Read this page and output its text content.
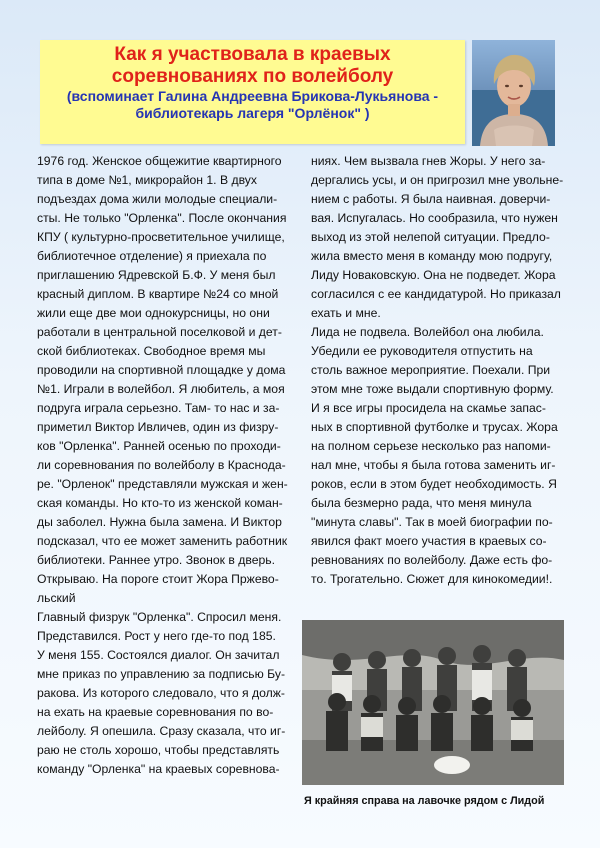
Как я участвовала в краевых
соревнованиях по волейболу
(вспоминает Галина Андреевна Брикова-Лукьянова -
библиотекарь лагеря "Орлёнок" )

1976 год. Женское общежитие квартирного

типа в доме №1, микрорайон 1. В двух

подъездах дома жили молодые специали-

сты. Не только "Орленка". После окончания

КПУ ( культурно-просветительное училище,

библиотечное отделение) я приехала по

приглашению Ядревской Б.Ф. У меня был

красный диплом. В квартире №24 со мной

жили еще две мои однокурсницы, но они

работали в центральной поселковой и дет-

ской библиотеках. Свободное время мы

проводили на спортивной площадке у дома

№1. Играли в волейбол. Я любитель, а моя

подруга играла серьезно. Там- то нас и за-

приметил Виктор Ивличев, один из физру-

ков "Орленка". Ранней осенью по проходи-

ли соревнования по волейболу в Краснода-

ре. "Орленок" представляли мужская и жен-

ская команды. Но кто-то из женской коман-

ды заболел. Нужна была замена. И Виктор

подсказал, что ее может заменить работник

библиотеки. Раннее утро. Звонок в дверь.

Открываю. На пороге стоит Жора Пржево-

льский

Главный физрук "Орленка". Спросил меня.

Представился. Рост у него где-то под 185.

У меня 155. Состоялся диалог. Он зачитал

мне приказ по управлению за подписью Бу-

ракова. Из которого следовало, что я долж-

на ехать на краевые соревнования по во-

лейболу. Я опешила. Сразу сказала, что иг-

раю не столь хорошо, чтобы представлять

команду "Орленка" на краевых соревнова-

ниях. Чем вызвала гнев Жоры. У него за-

дергались усы, и он пригрозил мне увольне-

нием с работы. Я была наивная. доверчи-

вая. Испугалась. Но сообразила, что нужен

выход из этой нелепой ситуации. Предло-

жила вместо меня в команду мою подругу,

Лиду Новаковскую. Она не подведет. Жора

согласился с ее кандидатурой. Но приказал

ехать и мне.

Лида не подвела. Волейбол она любила.

Убедили ее руководителя отпустить на

столь важное мероприятие. Поехали. При

этом мне тоже выдали спортивную форму.

И я все игры просидела на скамье запас-

ных в спортивной футболке и трусах. Жора

на полном серьезе несколько раз напоми-

нал мне, чтобы я была готова заменить иг-

роков, если в этом будет необходимость. Я

была безмерно рада, что меня минула

"минута славы". Так в моей биографии по-

явился факт моего участия в краевых со-

ревнованиях по волейболу. Даже есть фо-

то. Трогательно. Сюжет для кинокомедии!.

Я крайняя справа на лавочке рядом с Лидой
